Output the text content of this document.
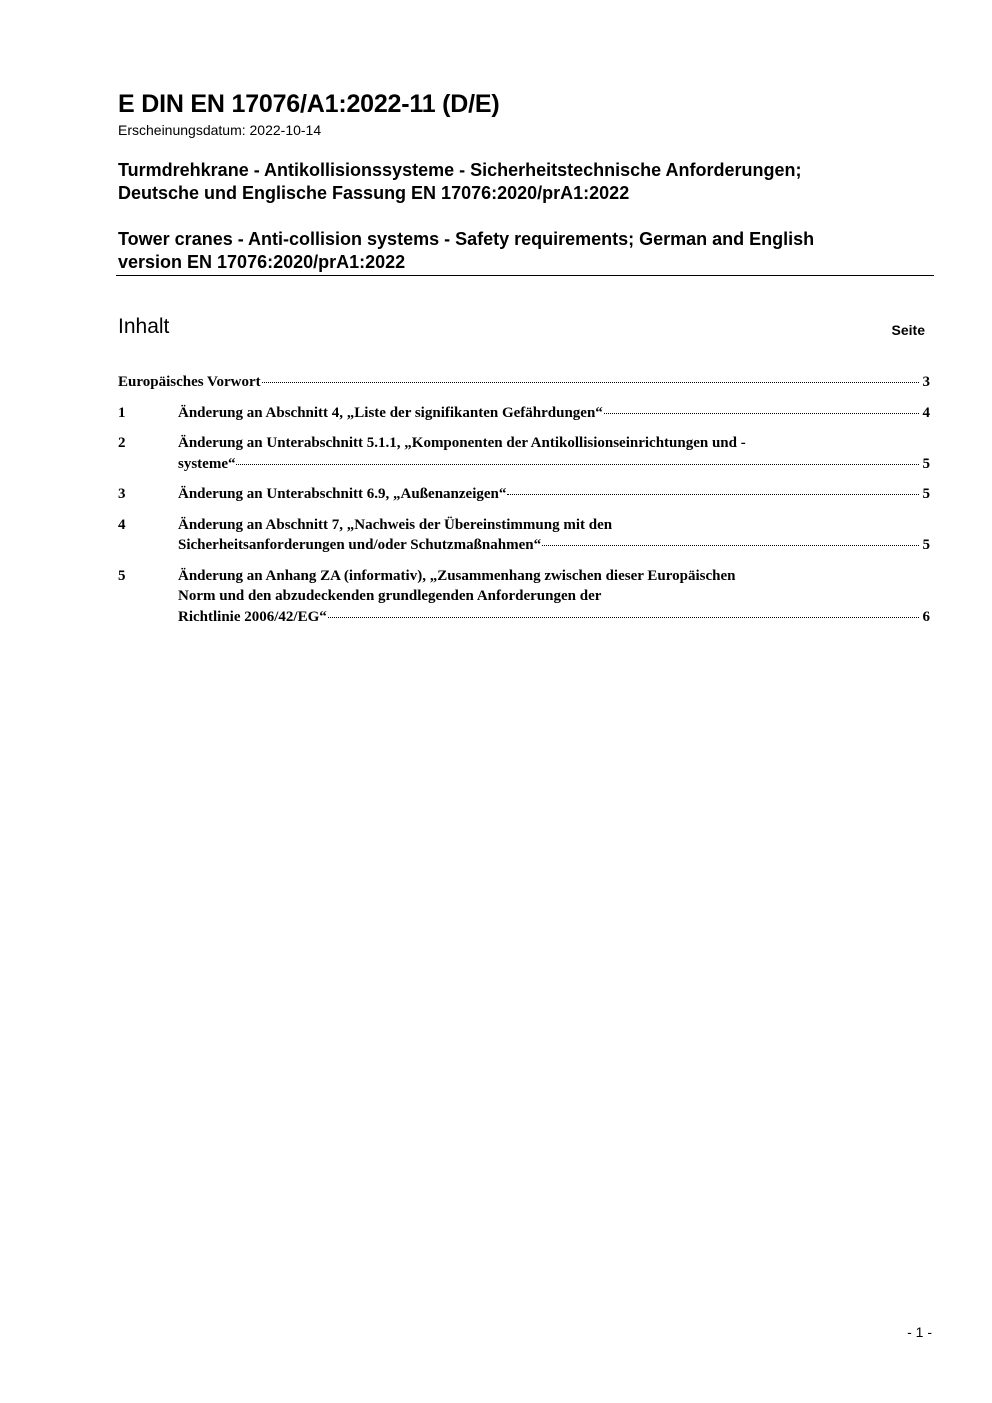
E DIN EN 17076/A1:2022-11 (D/E)
Erscheinungsdatum: 2022-10-14
Turmdrehkrane - Antikollisionssysteme - Sicherheitstechnische Anforderungen;
Deutsche und Englische Fassung EN 17076:2020/prA1:2022
Tower cranes - Anti-collision systems - Safety requirements; German and English
version EN 17076:2020/prA1:2022
Inhalt	Seite
Europäisches Vorwort	3
1	Änderung an Abschnitt 4, „Liste der signifikanten Gefährdungen“	4
2	Änderung an Unterabschnitt 5.1.1, „Komponenten der Antikollisionseinrichtungen und -
systeme“	5
3	Änderung an Unterabschnitt 6.9, „Außenanzeigen“	5
4	Änderung an Abschnitt 7, „Nachweis der Übereinstimmung mit den
Sicherheitsanforderungen und/oder Schutzmaßnahmen“	5
5	Änderung an Anhang ZA (informativ), „Zusammenhang zwischen dieser Europäischen
Norm und den abzudeckenden grundlegenden Anforderungen der
Richtlinie 2006/42/EG“	6
- 1 -
